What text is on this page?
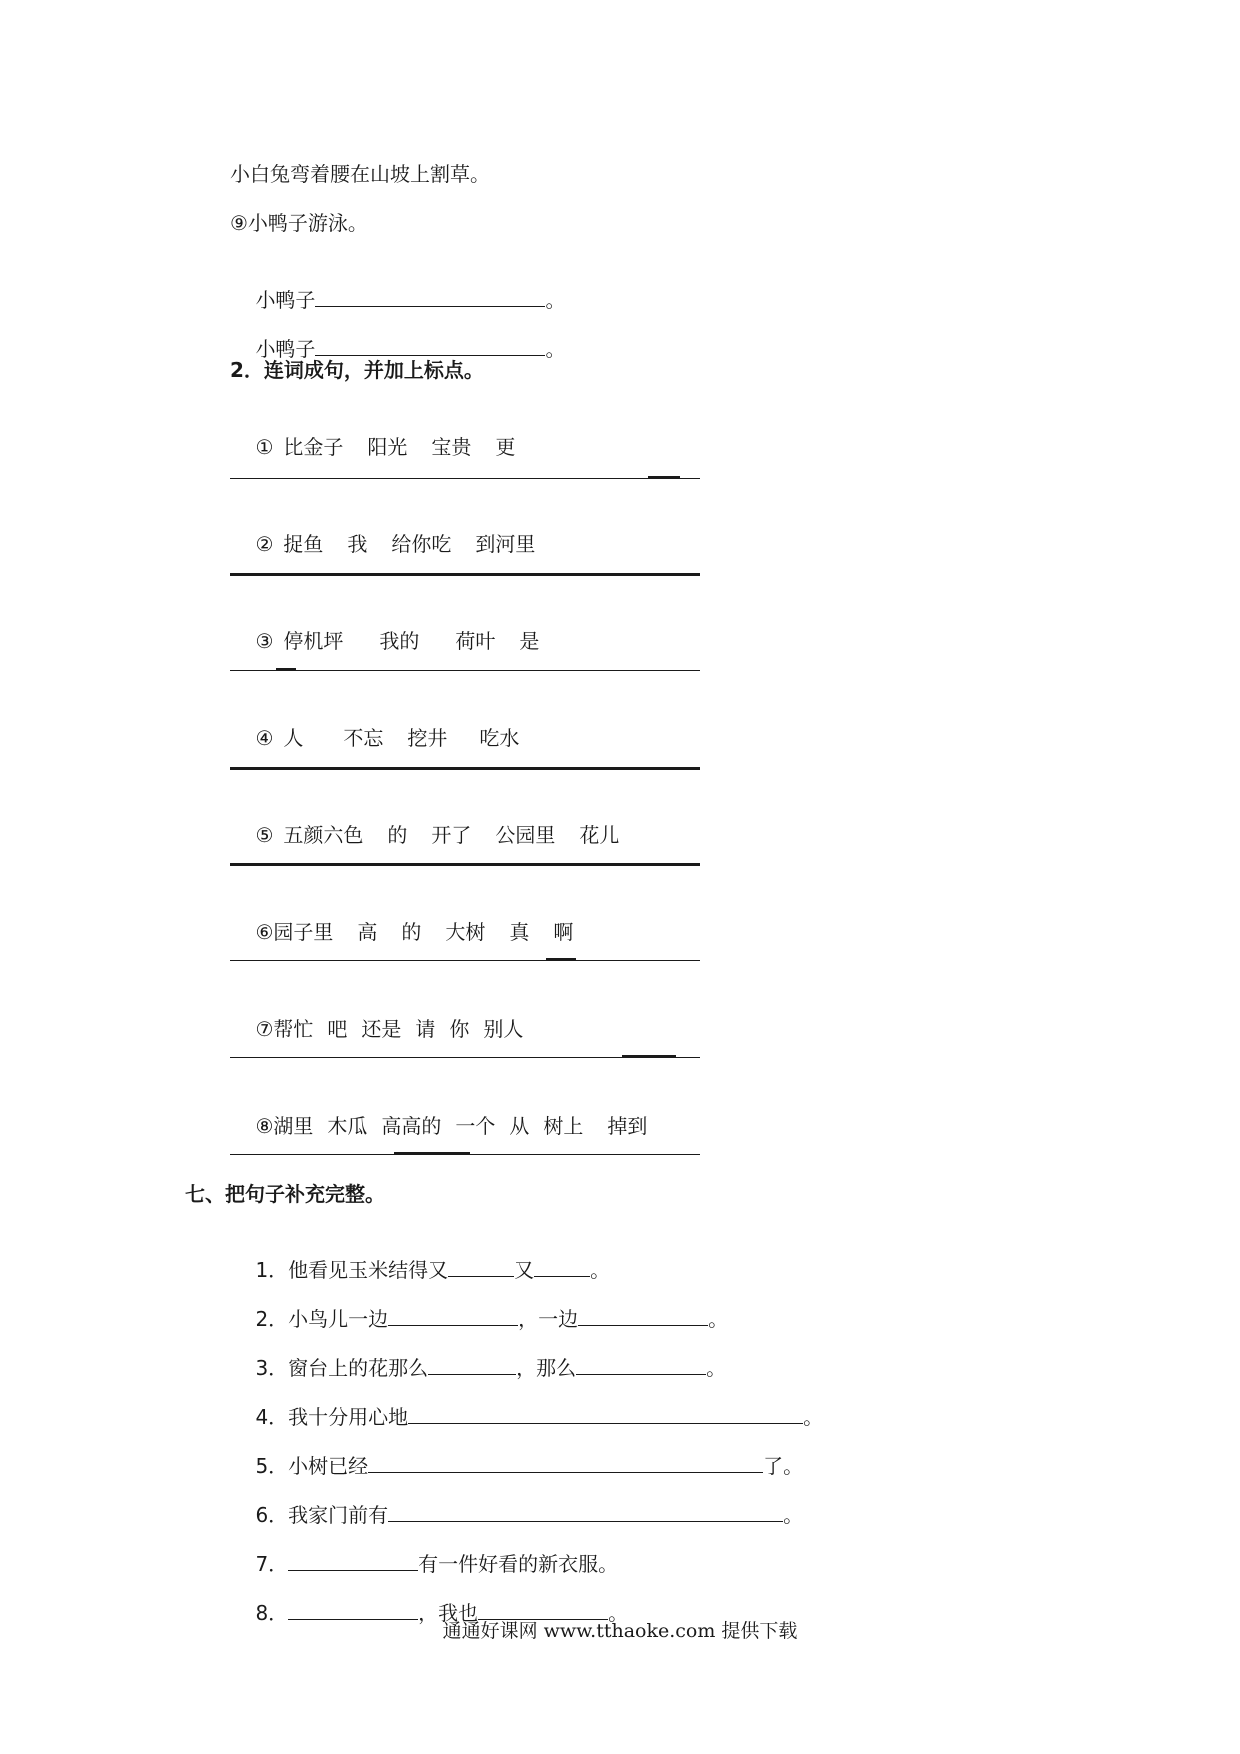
小白兔弯着腰在山坡上割草。
⑨小鸭子游泳。

小鸭子	。

小鸭子	。

2．连词成句，并加上标点。

① 比金子 阳光 宝贵 更

② 捉鱼 我 给你吃 到河里

③ 停机坪 我的 荷叶 是

④ 人 不忘 挖井 吃水

⑤ 五颜六色 的 开了 公园里 花儿

⑥园子里 高 的 大树 真 啊

⑦帮忙 吧 还是 请 你 别人

⑧湖里 木瓜 高高的 一个 从 树上 掉到

七、把句子补充完整。

1．他看见玉米结得又	又	。

2．小鸟儿一边	，一边	。

3．窗台上的花那么	，那么	。

4．我十分用心地	。

5．小树已经	了。

6．我家门前有	。

7．	有一件好看的新衣服。

8．	，我也	。

通通好课网 www.tthaoke.com 提供下载
